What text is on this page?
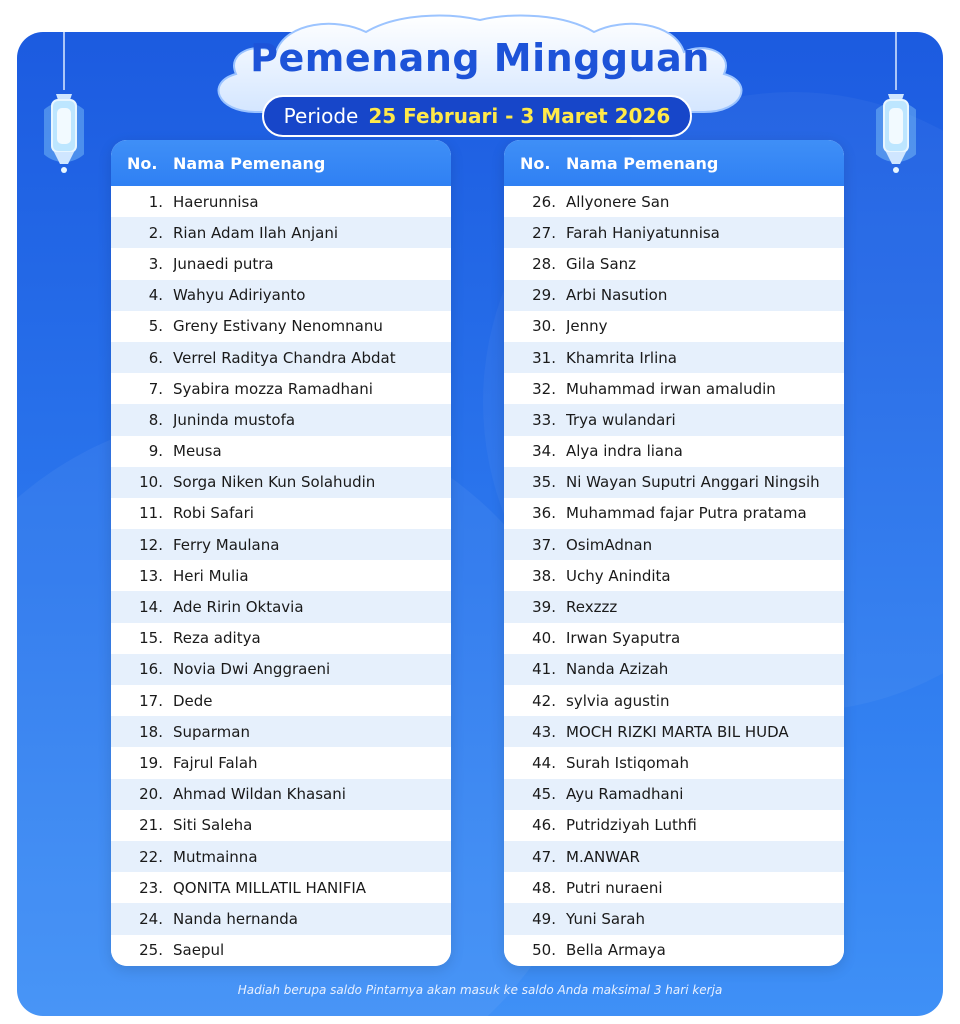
Pemenang Mingguan
Periode 25 Februari - 3 Maret 2026
No. Nama Pemenang
1. Haerunnisa
2. Rian Adam Ilah Anjani
3. Junaedi putra
4. Wahyu Adiriyanto
5. Greny Estivany Nenomnanu
6. Verrel Raditya Chandra Abdat
7. Syabira mozza Ramadhani
8. Juninda mustofa
9. Meusa
10. Sorga Niken Kun Solahudin
11. Robi Safari
12. Ferry Maulana
13. Heri Mulia
14. Ade Ririn Oktavia
15. Reza aditya
16. Novia Dwi Anggraeni
17. Dede
18. Suparman
19. Fajrul Falah
20. Ahmad Wildan Khasani
21. Siti Saleha
22. Mutmainna
23. QONITA MILLATIL HANIFIA
24. Nanda hernanda
25. Saepul
No. Nama Pemenang
26. Allyonere San
27. Farah Haniyatunnisa
28. Gila Sanz
29. Arbi Nasution
30. Jenny
31. Khamrita Irlina
32. Muhammad irwan amaludin
33. Trya wulandari
34. Alya indra liana
35. Ni Wayan Suputri Anggari Ningsih
36. Muhammad fajar Putra pratama
37. OsimAdnan
38. Uchy Anindita
39. Rexzzz
40. Irwan Syaputra
41. Nanda Azizah
42. sylvia agustin
43. MOCH RIZKI MARTA BIL HUDA
44. Surah Istiqomah
45. Ayu Ramadhani
46. Putridziyah Luthfi
47. M.ANWAR
48. Putri nuraeni
49. Yuni Sarah
50. Bella Armaya
Hadiah berupa saldo Pintarnya akan masuk ke saldo Anda maksimal 3 hari kerja
